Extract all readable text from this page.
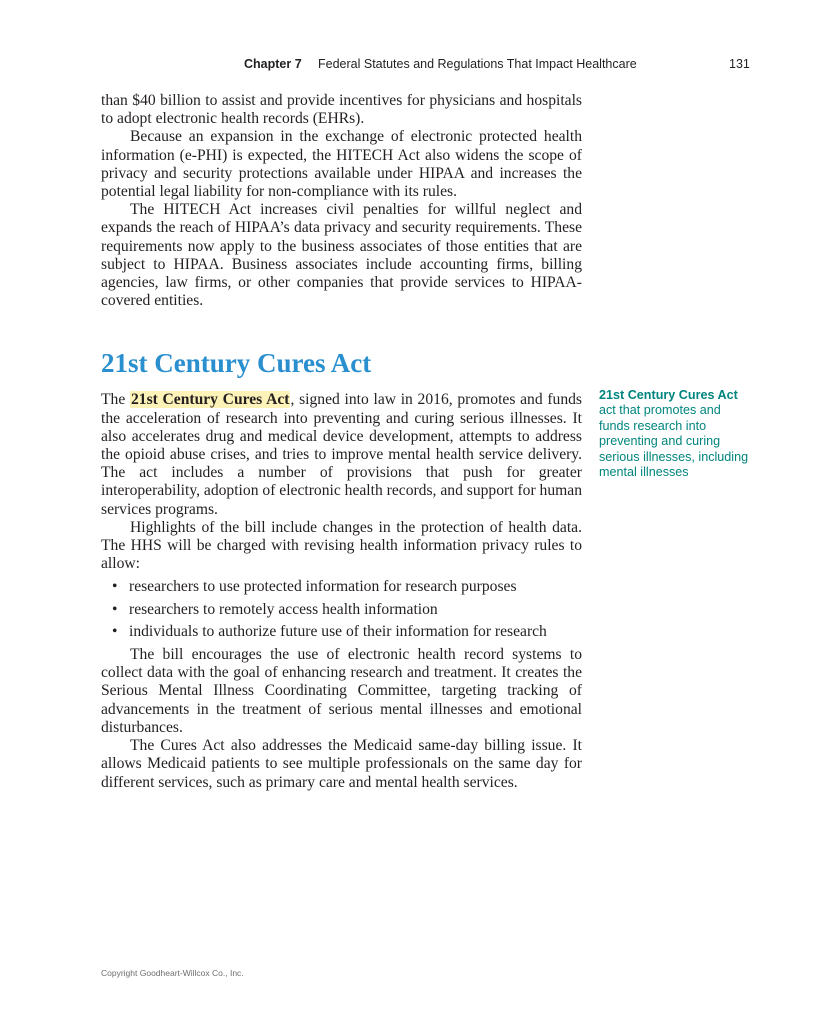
Chapter 7 Federal Statutes and Regulations That Impact Healthcare	131

than $40 billion to assist and provide incentives for physicians and hospitals to adopt electronic health records (EHRs).

Because an expansion in the exchange of electronic protected health information (e-PHI) is expected, the HITECH Act also widens the scope of privacy and security protections available under HIPAA and increases the potential legal liability for non-compliance with its rules.

The HITECH Act increases civil penalties for willful neglect and expands the reach of HIPAA’s data privacy and security requirements. These requirements now apply to the business associates of those entities that are subject to HIPAA. Business associates include accounting firms, billing agencies, law firms, or other companies that provide services to HIPAA-covered entities.

21st Century Cures Act

The 21st Century Cures Act, signed into law in 2016, promotes and funds the acceleration of research into preventing and curing serious illnesses. It also accelerates drug and medical device development, attempts to address the opioid abuse crises, and tries to improve mental health service delivery. The act includes a number of provisions that push for greater interoperability, adoption of electronic health records, and support for human services programs.

Highlights of the bill include changes in the protection of health data. The HHS will be charged with revising health information privacy rules to allow:

• researchers to use protected information for research purposes
• researchers to remotely access health information
• individuals to authorize future use of their information for research

The bill encourages the use of electronic health record systems to collect data with the goal of enhancing research and treatment. It creates the Serious Mental Illness Coordinating Committee, targeting tracking of advancements in the treatment of serious mental illnesses and emotional disturbances.

The Cures Act also addresses the Medicaid same-day billing issue. It allows Medicaid patients to see multiple professionals on the same day for different services, such as primary care and mental health services.

21st Century Cures Act
act that promotes and funds research into preventing and curing serious illnesses, including mental illnesses
Copyright Goodheart-Willcox Co., Inc.
